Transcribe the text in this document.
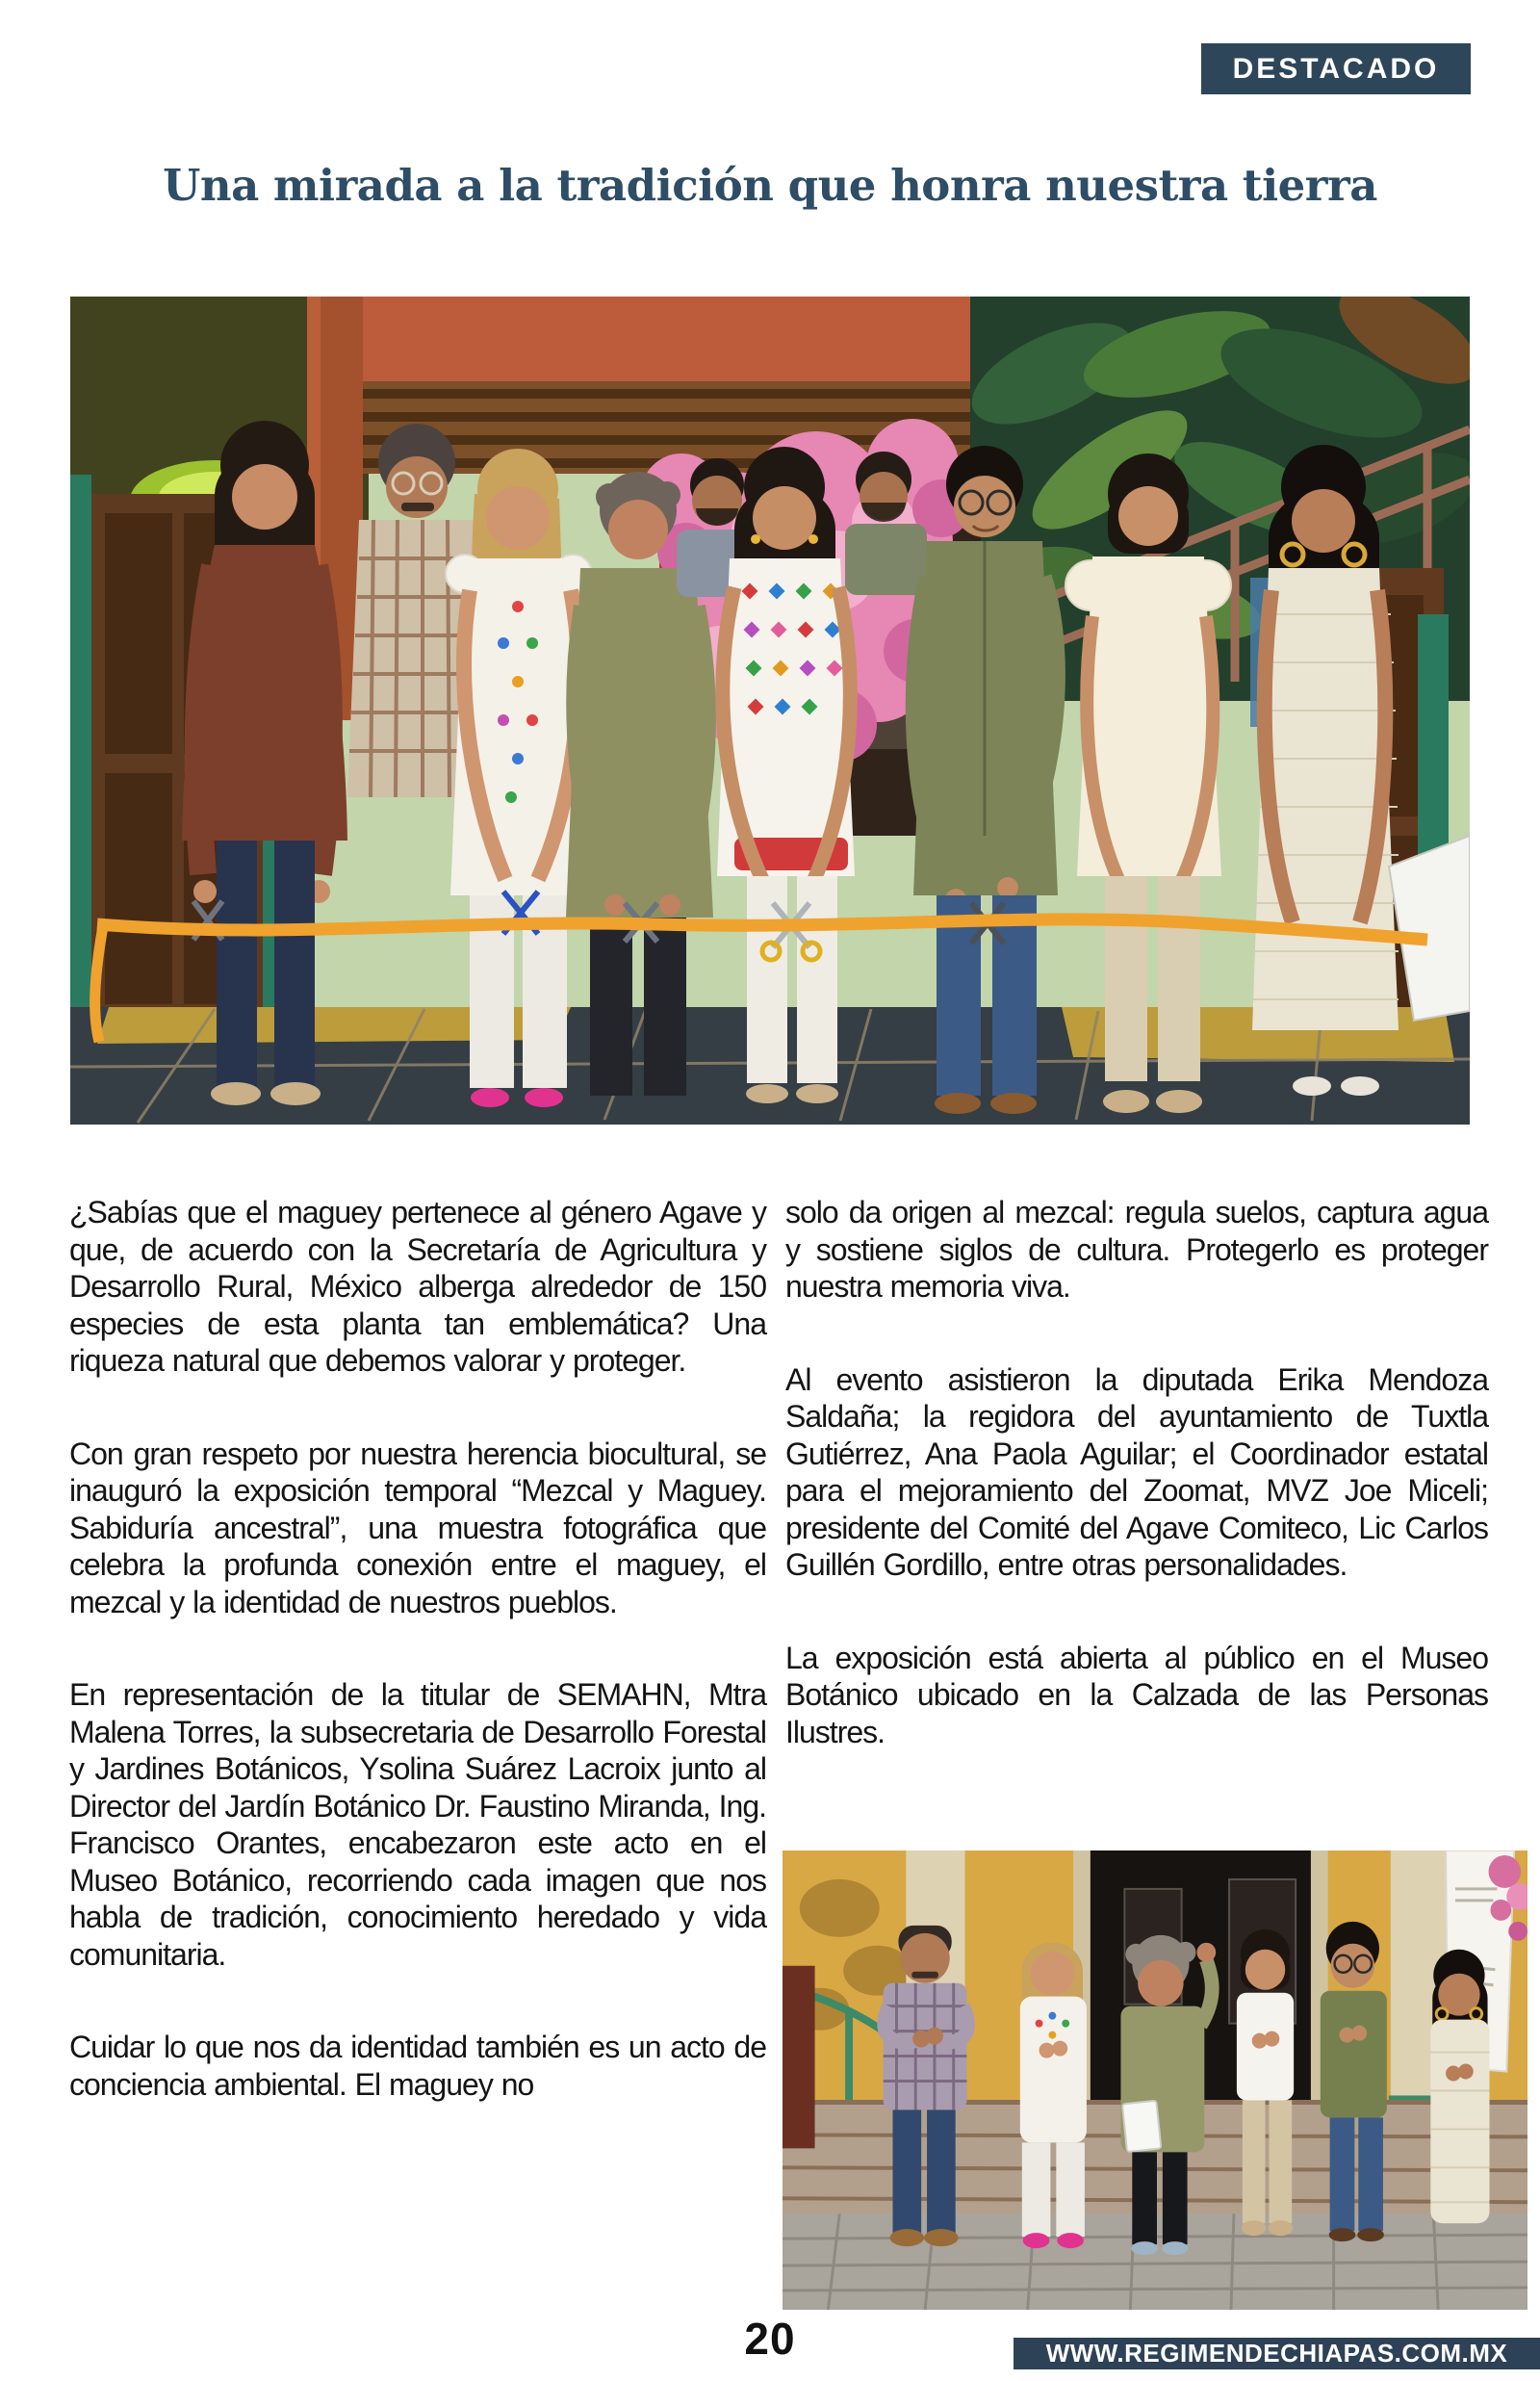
DESTACADO
Una mirada a la tradición que honra nuestra tierra

¿Sabías que el maguey pertenece al género Agave y que, de acuerdo con la Secretaría de Agricultura y Desarrollo Rural, México alberga alrededor de 150 especies de esta planta tan emblemática? Una riqueza natural que debemos valorar y proteger.

Con gran respeto por nuestra herencia biocultural, se inauguró la exposición temporal “Mezcal y Maguey. Sabiduría ancestral”, una muestra fotográfica que celebra la profunda conexión entre el maguey, el mezcal y la identidad de nuestros pueblos.

En representación de la titular de SEMAHN, Mtra Malena Torres, la subsecretaria de Desarrollo Forestal y Jardines Botánicos, Ysolina Suárez Lacroix junto al Director del Jardín Botánico Dr. Faustino Miranda, Ing. Francisco Orantes, encabezaron este acto en el Museo Botánico, recorriendo cada imagen que nos habla de tradición, conocimiento heredado y vida comunitaria.

Cuidar lo que nos da identidad también es un acto de conciencia ambiental. El maguey no

solo da origen al mezcal: regula suelos, captura agua y sostiene siglos de cultura. Protegerlo es proteger nuestra memoria viva.

Al evento asistieron la diputada Erika Mendoza Saldaña; la regidora del ayuntamiento de Tuxtla Gutiérrez, Ana Paola Aguilar; el Coordinador estatal para el mejoramiento del Zoomat, MVZ Joe Miceli; presidente del Comité del Agave Comiteco, Lic Carlos Guillén Gordillo, entre otras personalidades.

La exposición está abierta al público en el Museo Botánico ubicado en la Calzada de las Personas Ilustres.

20	WWW.REGIMENDECHIAPAS.COM.MX
